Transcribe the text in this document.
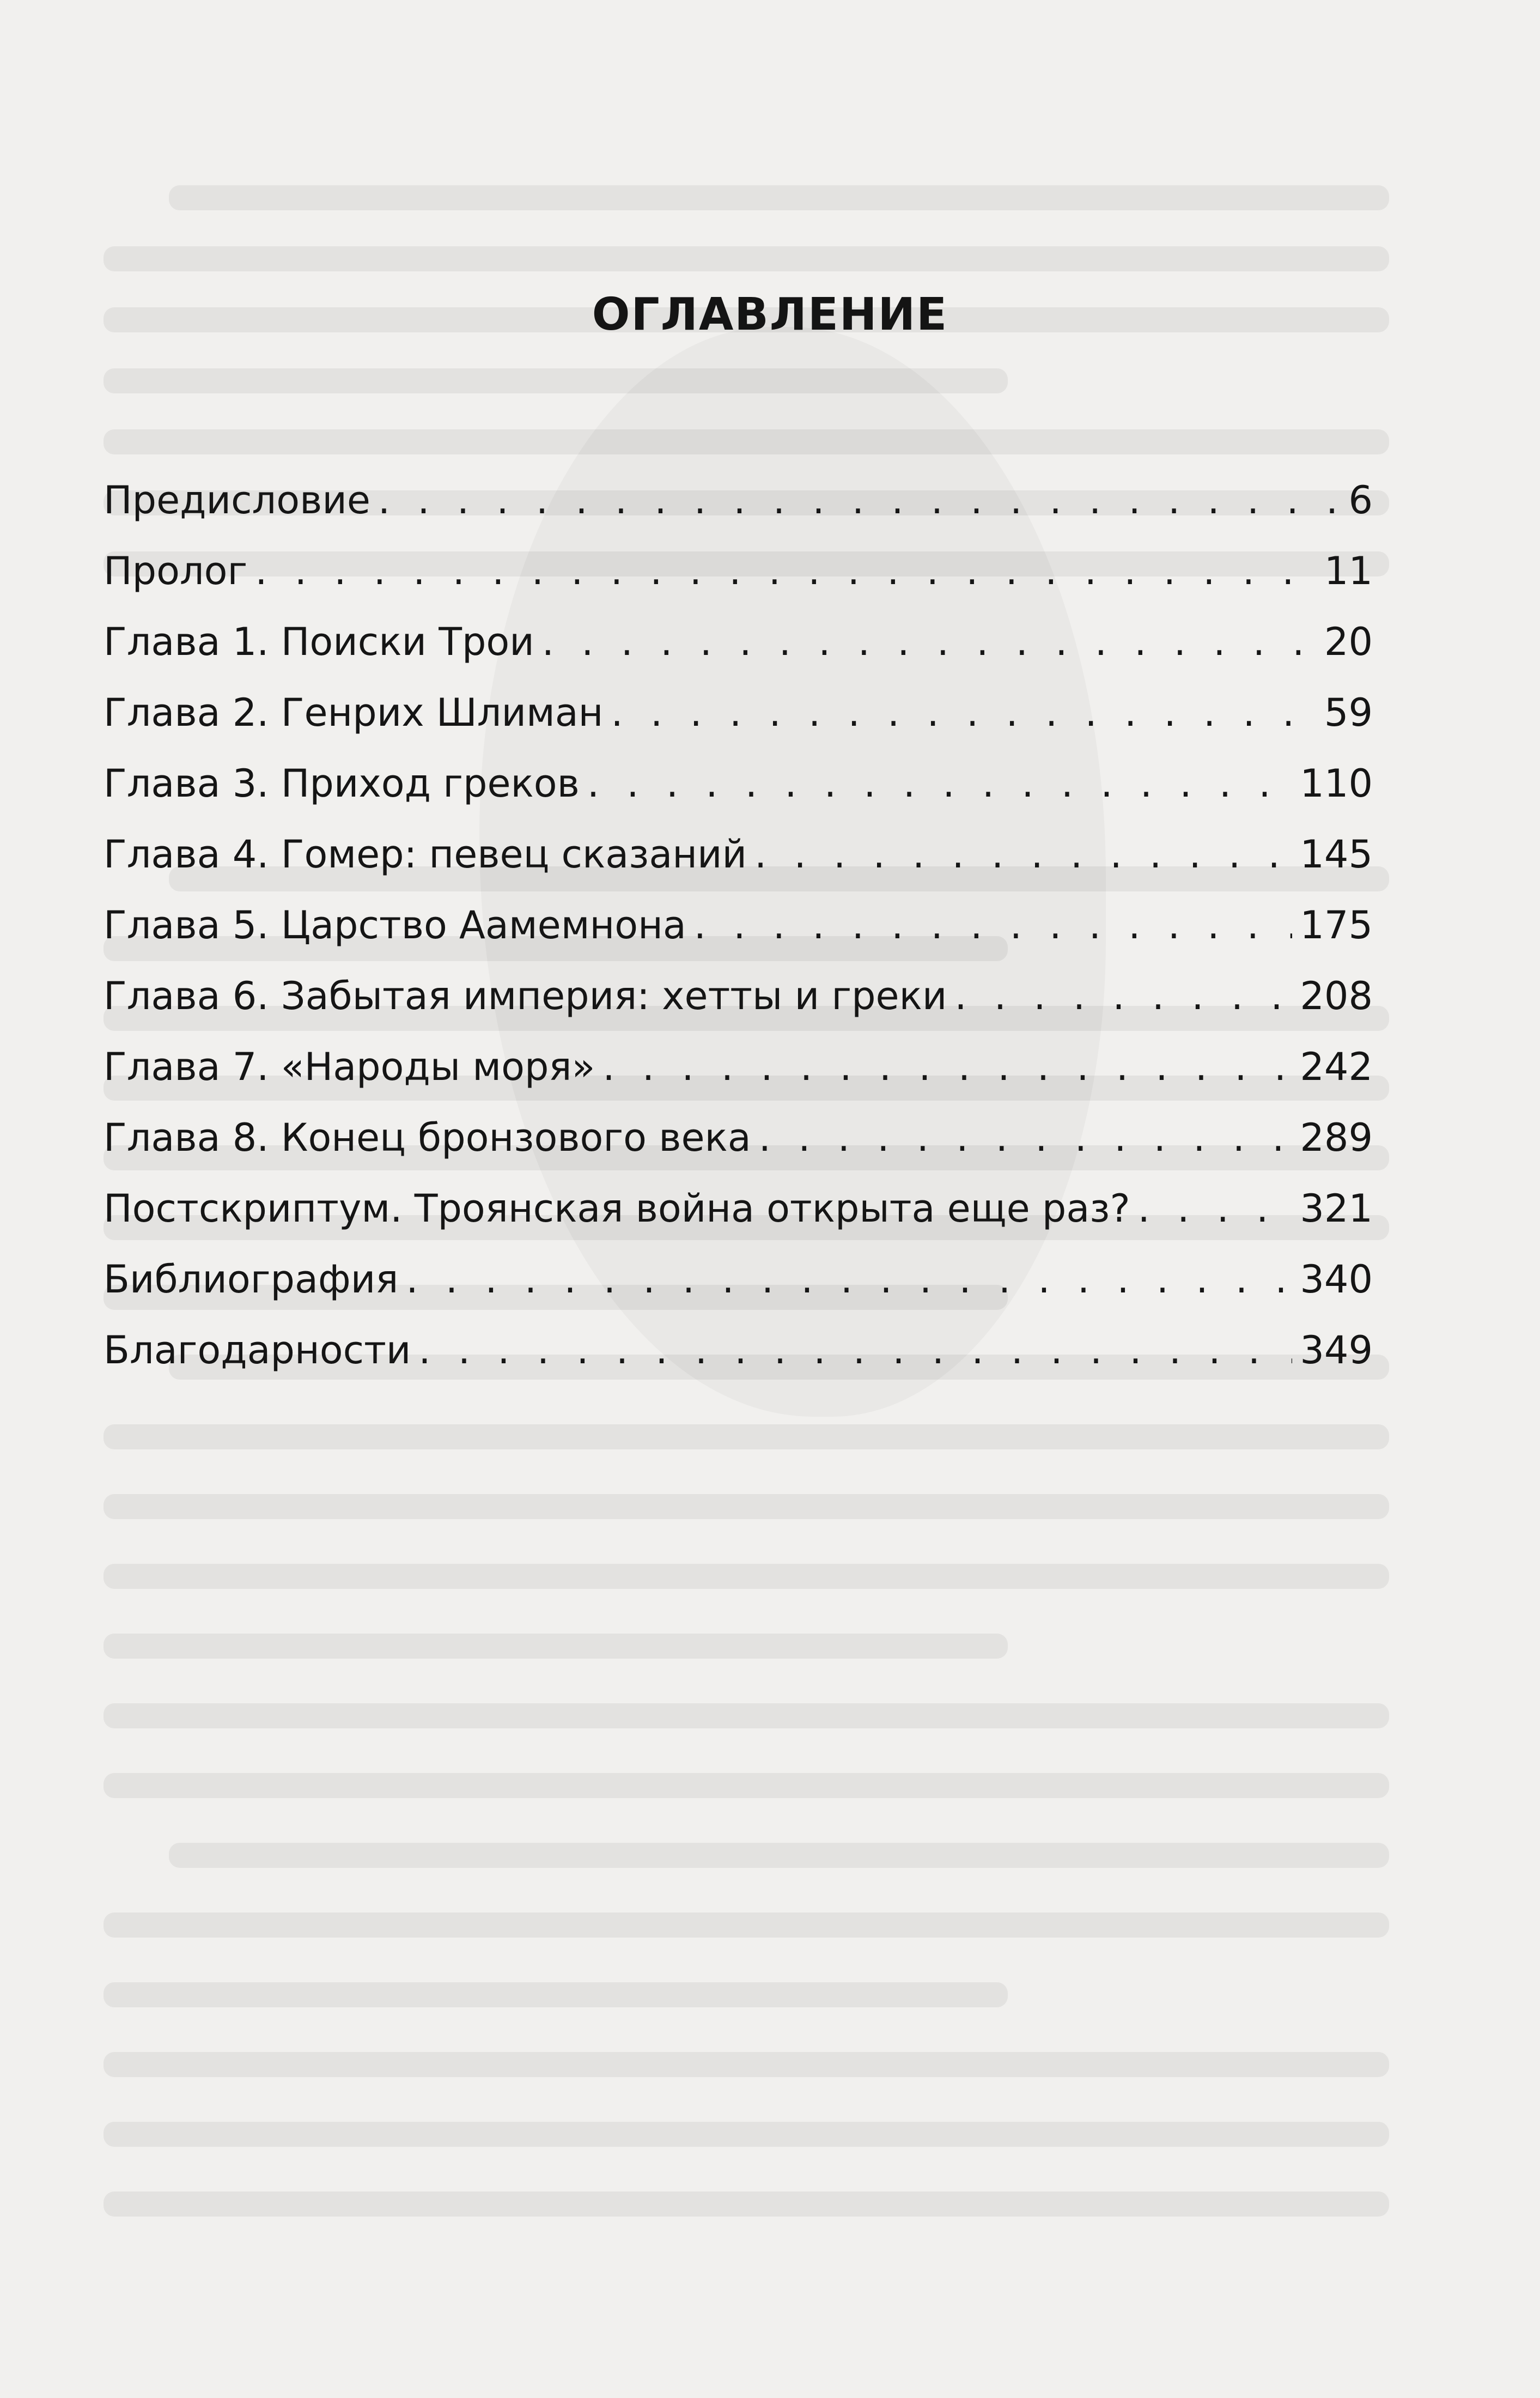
ОГЛАВЛЕНИЕ
Предисловие . . .	6
Пролог . . .	11
Глава 1. Поиски Трои . . .	20
Глава 2. Генрих Шлиман . . .	59
Глава 3. Приход греков . . .	110
Глава 4. Гомер: певец сказаний . . .	145
Глава 5. Царство Аамемнона . . .	175
Глава 6. Забытая империя: хетты и греки . . .	208
Глава 7. «Народы моря» . . .	242
Глава 8. Конец бронзового века . . .	289
Постскриптум. Троянская война открыта еще раз? . . .	321
Библиография . . .	340
Благодарности . . .	349
